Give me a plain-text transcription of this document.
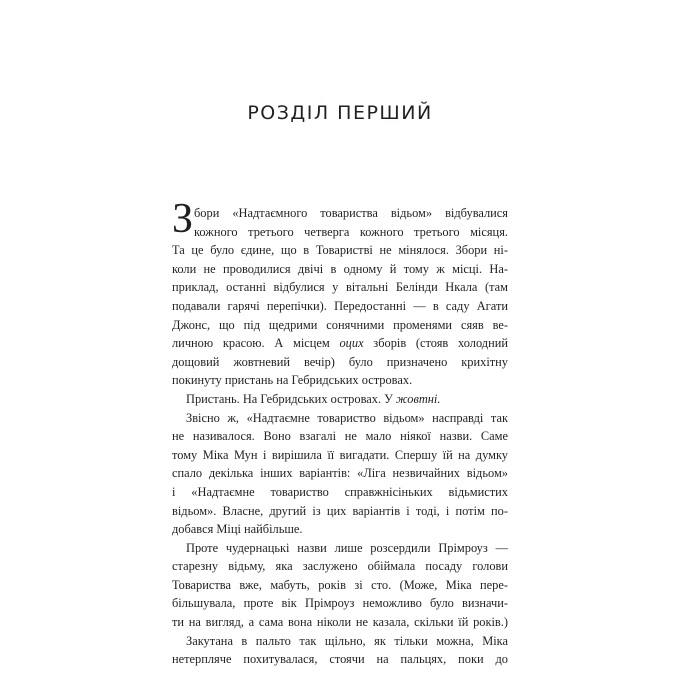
РОЗДІЛ ПЕРШИЙ
З бори «Надтаємного товариства відьом» відбувалися
кожного третього четверга кожного третього місяця.
Та це було єдине, що в Товаристві не мінялося. Збори ні-
коли не проводилися двічі в одному й тому ж місці. На-
приклад, останні відбулися у вітальні Белінди Нкала (там
подавали гарячі перепічки). Передостанні — в саду Агати
Джонс, що під щедрими сонячними променями сяяв ве-
личною красою. А місцем оцих зборів (стояв холодний
дощовий жовтневий вечір) було призначено крихітну
покинуту пристань на Гебридських островах.
Пристань. На Гебридських островах. У жовтні.
Звісно ж, «Надтаємне товариство відьом» насправді так
не називалося. Воно взагалі не мало ніякої назви. Саме
тому Міка Мун і вирішила її вигадати. Спершу їй на думку
спало декілька інших варіантів: «Ліга незвичайних відьом»
і «Надтаємне товариство справжнісіньких відьмистих
відьом». Власне, другий із цих варіантів і тоді, і потім по-
добався Міці найбільше.
Проте чудернацькі назви лише розсердили Прімроуз —
старезну відьму, яка заслужено обіймала посаду голови
Товариства вже, мабуть, років зі сто. (Може, Міка пере-
більшувала, проте вік Прімроуз неможливо було визначи-
ти на вигляд, а сама вона ніколи не казала, скільки їй років.)
Закутана в пальто так щільно, як тільки можна, Міка
нетерпляче похитувалася, стоячи на пальцях, поки до
